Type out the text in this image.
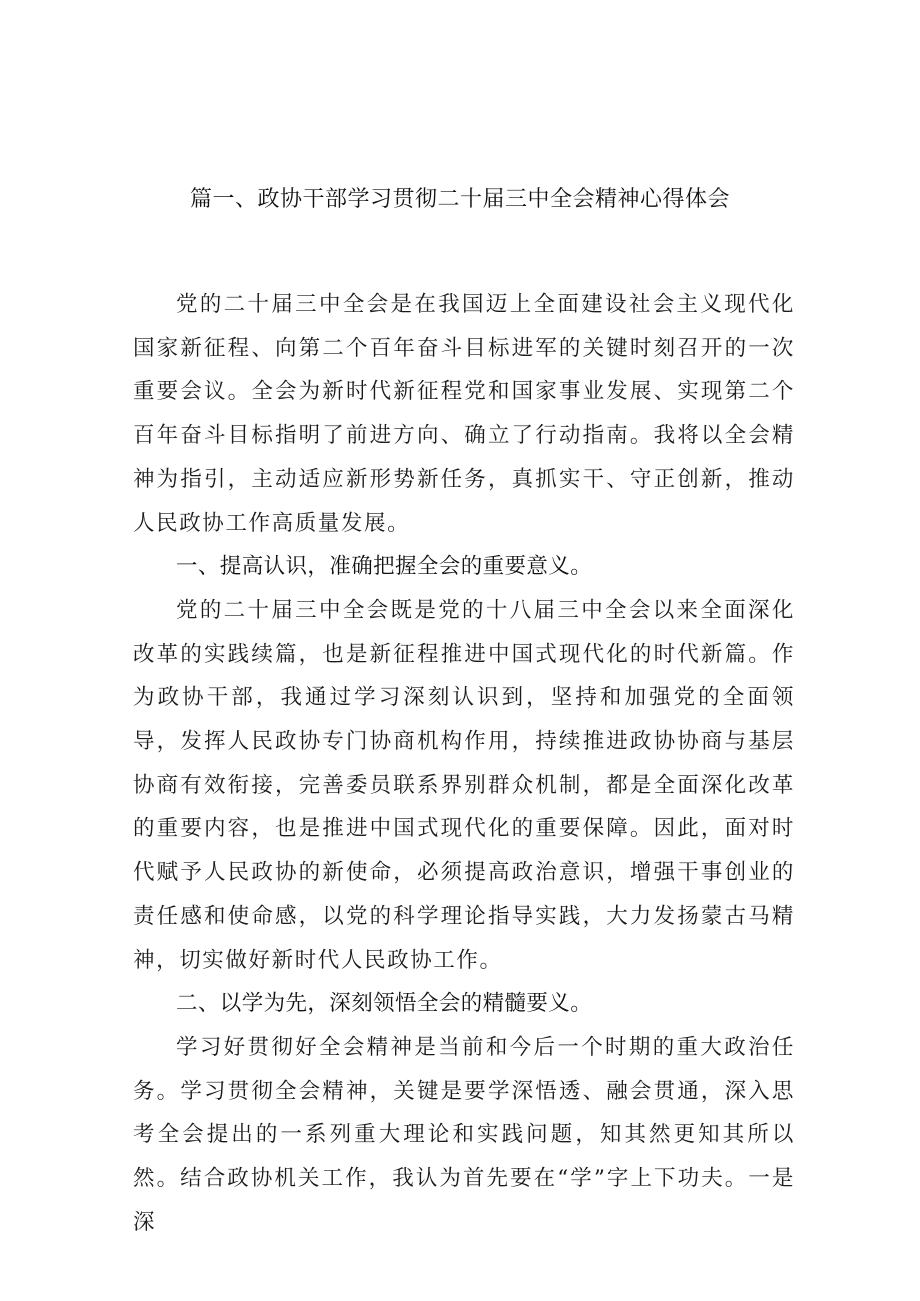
篇一、政协干部学习贯彻二十届三中全会精神心得体会

党的二十届三中全会是在我国迈上全面建设社会主义现代化国家新征程、向第二个百年奋斗目标进军的关键时刻召开的一次重要会议。全会为新时代新征程党和国家事业发展、实现第二个百年奋斗目标指明了前进方向、确立了行动指南。我将以全会精神为指引，主动适应新形势新任务，真抓实干、守正创新，推动人民政协工作高质量发展。

一、提高认识，准确把握全会的重要意义。

党的二十届三中全会既是党的十八届三中全会以来全面深化改革的实践续篇，也是新征程推进中国式现代化的时代新篇。作为政协干部，我通过学习深刻认识到，坚持和加强党的全面领导，发挥人民政协专门协商机构作用，持续推进政协协商与基层协商有效衔接，完善委员联系界别群众机制，都是全面深化改革的重要内容，也是推进中国式现代化的重要保障。因此，面对时代赋予人民政协的新使命，必须提高政治意识，增强干事创业的责任感和使命感，以党的科学理论指导实践，大力发扬蒙古马精神，切实做好新时代人民政协工作。

二、以学为先，深刻领悟全会的精髓要义。

学习好贯彻好全会精神是当前和今后一个时期的重大政治任务。学习贯彻全会精神，关键是要学深悟透、融会贯通，深入思考全会提出的一系列重大理论和实践问题，知其然更知其所以然。结合政协机关工作，我认为首先要在“学”字上下功夫。一是深
